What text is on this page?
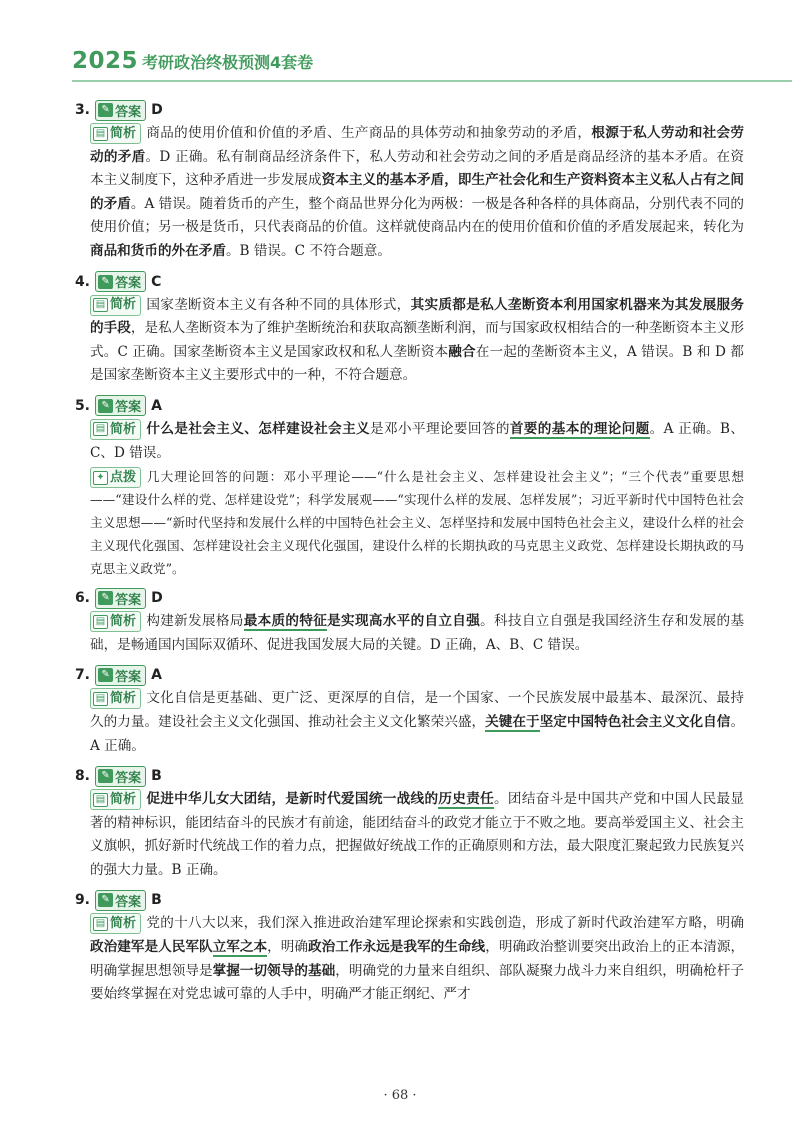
2025 考研政治终极预测4套卷
3.
	✎ 答案 D
▤ 简析 商品的使用价值和价值的矛盾、生产商品的具体劳动和抽象劳动的矛盾，根源于私人劳动和社会劳动的矛盾。D 正确。私有制商品经济条件下，私人劳动和社会劳动之间的矛盾是商品经济的基本矛盾。在资本主义制度下，这种矛盾进一步发展成资本主义的基本矛盾，即生产社会化和生产资料资本主义私人占有之间的矛盾。A 错误。随着货币的产生，整个商品世界分化为两极：一极是各种各样的具体商品，分别代表不同的使用价值；另一极是货币，只代表商品的价值。这样就使商品内在的使用价值和价值的矛盾发展起来，转化为商品和货币的外在矛盾。B 错误。C 不符合题意。
4.
	✎ 答案 C
▤ 简析 国家垄断资本主义有各种不同的具体形式，其实质都是私人垄断资本利用国家机器来为其发展服务的手段，是私人垄断资本为了维护垄断统治和获取高额垄断利润，而与国家政权相结合的一种垄断资本主义形式。C 正确。国家垄断资本主义是国家政权和私人垄断资本融合在一起的垄断资本主义，A 错误。B 和 D 都是国家垄断资本主义主要形式中的一种，不符合题意。
5.
	✎ 答案 A
▤ 简析 什么是社会主义、怎样建设社会主义是邓小平理论要回答的首要的基本的理论问题。A 正确。B、C、D 错误。
✦ 点拨 几大理论回答的问题：邓小平理论——“什么是社会主义、怎样建设社会主义”；“三个代表”重要思想——“建设什么样的党、怎样建设党”；科学发展观——“实现什么样的发展、怎样发展”；习近平新时代中国特色社会主义思想——“新时代坚持和发展什么样的中国特色社会主义、怎样坚持和发展中国特色社会主义，建设什么样的社会主义现代化强国、怎样建设社会主义现代化强国，建设什么样的长期执政的马克思主义政党、怎样建设长期执政的马克思主义政党”。
6.
	✎ 答案 D
▤ 简析 构建新发展格局最本质的特征是实现高水平的自立自强。科技自立自强是我国经济生存和发展的基础，是畅通国内国际双循环、促进我国发展大局的关键。D 正确，A、B、C 错误。
7.
	✎ 答案 A
▤ 简析 文化自信是更基础、更广泛、更深厚的自信，是一个国家、一个民族发展中最基本、最深沉、最持久的力量。建设社会主义文化强国、推动社会主义文化繁荣兴盛，关键在于坚定中国特色社会主义文化自信。A 正确。
8.
	✎ 答案 B
▤ 简析 促进中华儿女大团结，是新时代爱国统一战线的历史责任。团结奋斗是中国共产党和中国人民最显著的精神标识，能团结奋斗的民族才有前途，能团结奋斗的政党才能立于不败之地。要高举爱国主义、社会主义旗帜，抓好新时代统战工作的着力点，把握做好统战工作的正确原则和方法，最大限度汇聚起致力民族复兴的强大力量。B 正确。
9.
	✎ 答案 B
▤ 简析 党的十八大以来，我们深入推进政治建军理论探索和实践创造，形成了新时代政治建军方略，明确政治建军是人民军队立军之本，明确政治工作永远是我军的生命线，明确政治整训要突出政治上的正本清源，明确掌握思想领导是掌握一切领导的基础，明确党的力量来自组织、部队凝聚力战斗力来自组织，明确枪杆子要始终掌握在对党忠诚可靠的人手中，明确严才能正纲纪、严才
· 68 ·
